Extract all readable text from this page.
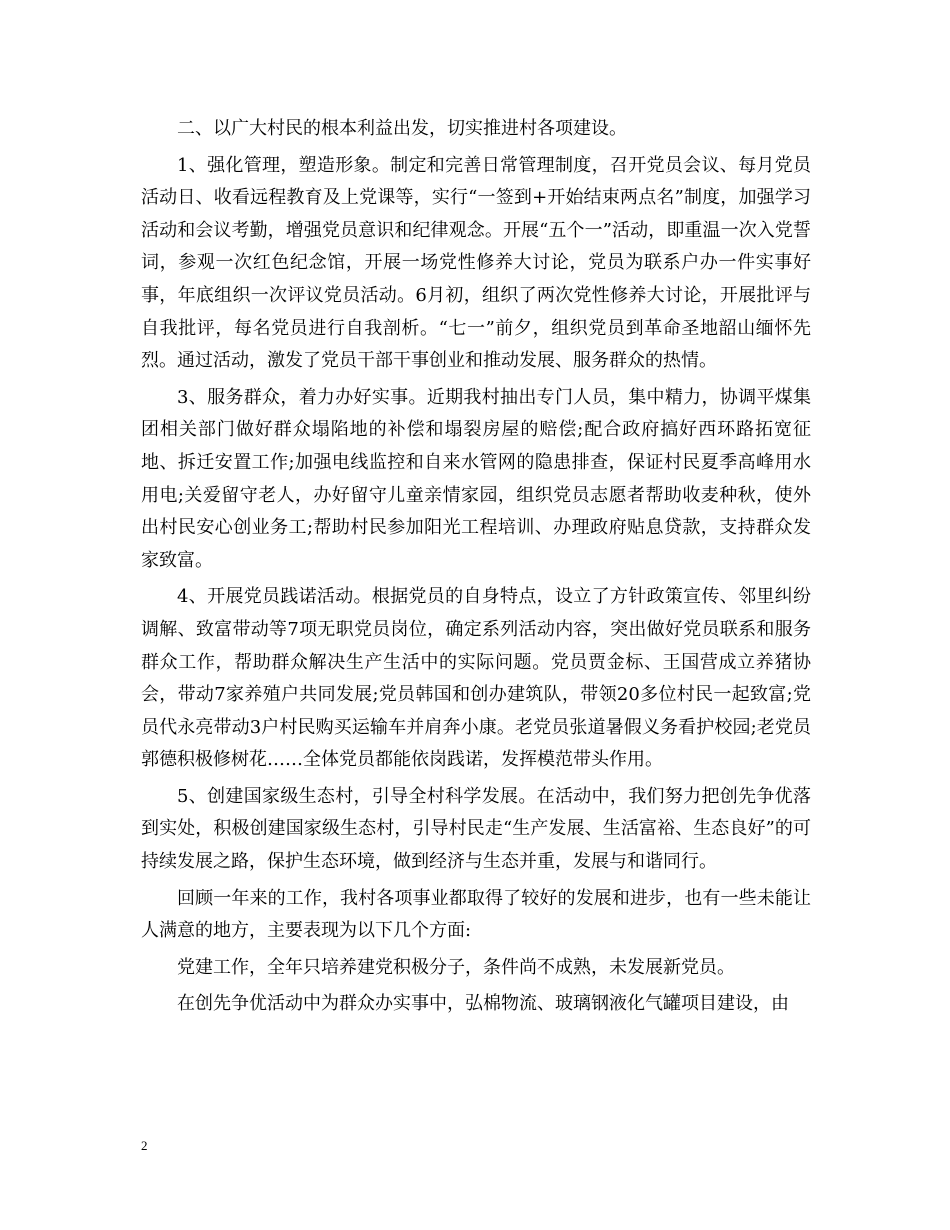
二、以广大村民的根本利益出发，切实推进村各项建设。

1、强化管理，塑造形象。制定和完善日常管理制度，召开党员会议、每月党员活动日、收看远程教育及上党课等，实行“一签到+开始结束两点名”制度，加强学习活动和会议考勤，增强党员意识和纪律观念。开展“五个一”活动，即重温一次入党誓词，参观一次红色纪念馆，开展一场党性修养大讨论，党员为联系户办一件实事好事，年底组织一次评议党员活动。6月初，组织了两次党性修养大讨论，开展批评与自我批评，每名党员进行自我剖析。“七一”前夕，组织党员到革命圣地韶山缅怀先烈。通过活动，激发了党员干部干事创业和推动发展、服务群众的热情。

3、服务群众，着力办好实事。近期我村抽出专门人员，集中精力，协调平煤集团相关部门做好群众塌陷地的补偿和塌裂房屋的赔偿;配合政府搞好西环路拓宽征地、拆迁安置工作;加强电线监控和自来水管网的隐患排查，保证村民夏季高峰用水用电;关爱留守老人，办好留守儿童亲情家园，组织党员志愿者帮助收麦种秋，使外出村民安心创业务工;帮助村民参加阳光工程培训、办理政府贴息贷款，支持群众发家致富。

4、开展党员践诺活动。根据党员的自身特点，设立了方针政策宣传、邻里纠纷调解、致富带动等7项无职党员岗位，确定系列活动内容，突出做好党员联系和服务群众工作，帮助群众解决生产生活中的实际问题。党员贾金标、王国营成立养猪协会，带动7家养殖户共同发展;党员韩国和创办建筑队，带领20多位村民一起致富;党员代永亮带动3户村民购买运输车并肩奔小康。老党员张道暑假义务看护校园;老党员郭德积极修树花……全体党员都能依岗践诺，发挥模范带头作用。

5、创建国家级生态村，引导全村科学发展。在活动中，我们努力把创先争优落到实处，积极创建国家级生态村，引导村民走“生产发展、生活富裕、生态良好”的可持续发展之路，保护生态环境，做到经济与生态并重，发展与和谐同行。

回顾一年来的工作，我村各项事业都取得了较好的发展和进步，也有一些未能让人满意的地方，主要表现为以下几个方面:

党建工作，全年只培养建党积极分子，条件尚不成熟，未发展新党员。

在创先争优活动中为群众办实事中，弘棉物流、玻璃钢液化气罐项目建设，由

2
